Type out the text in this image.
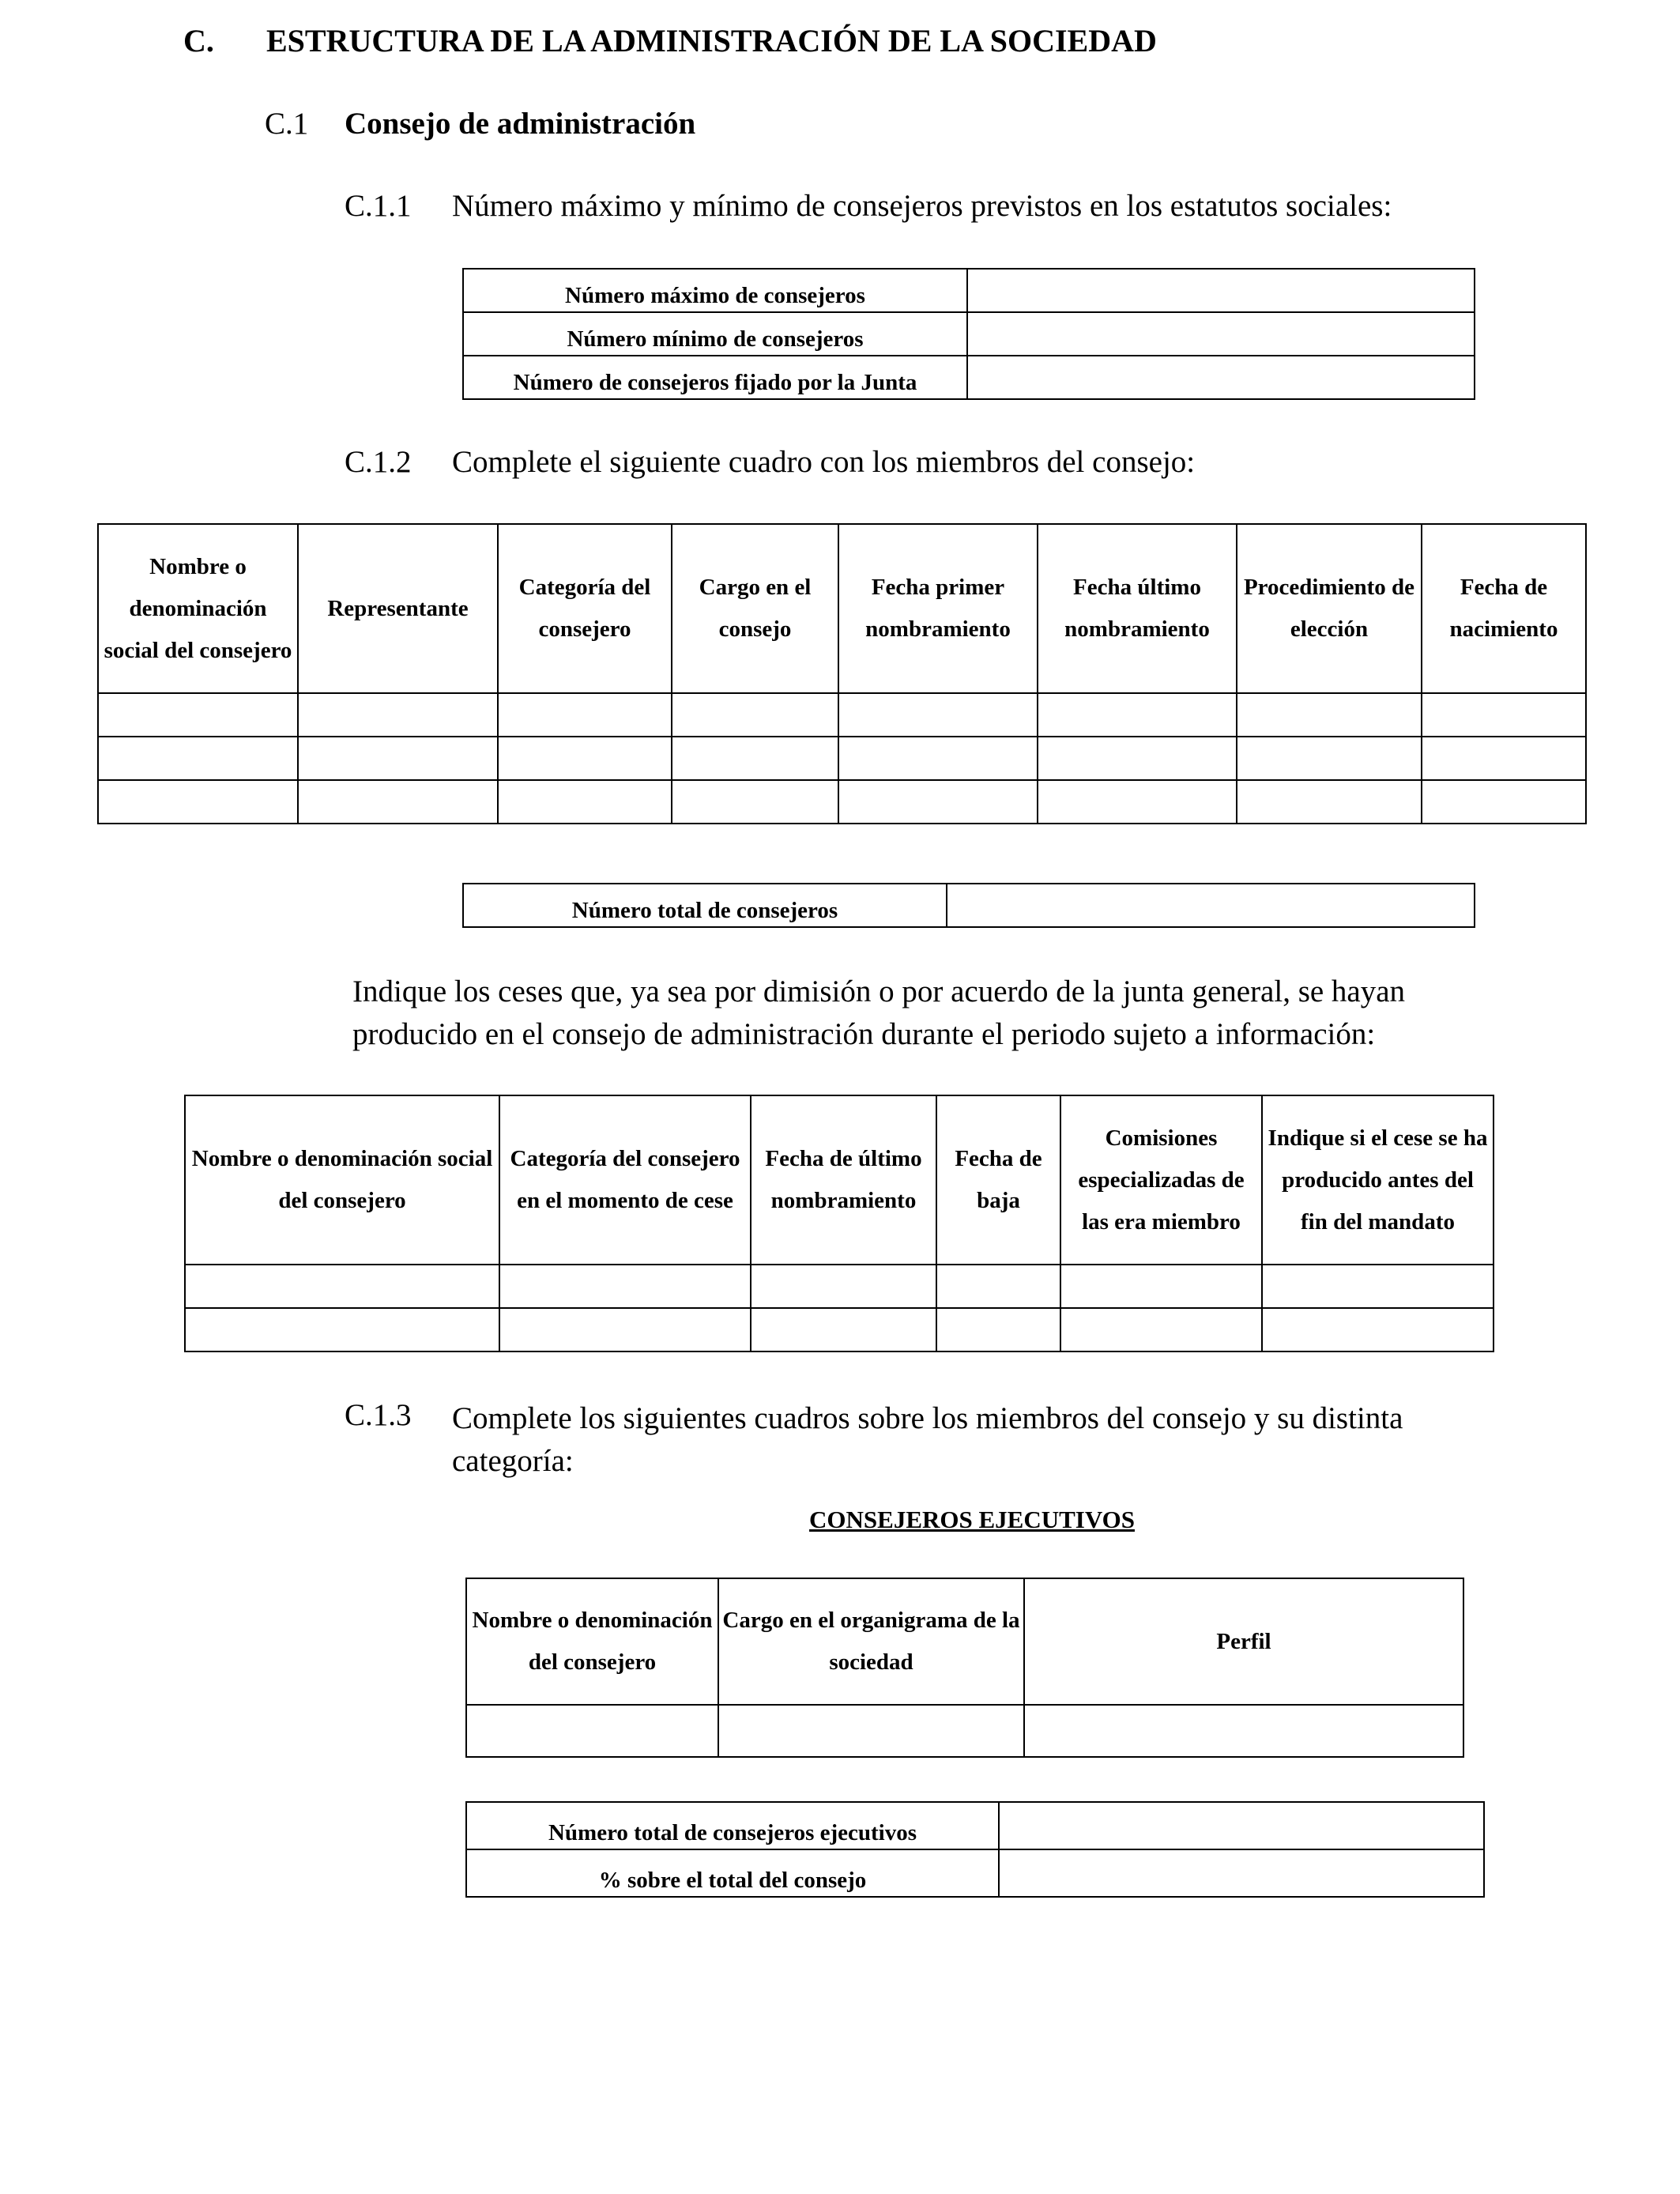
C. ESTRUCTURA DE LA ADMINISTRACIÓN DE LA SOCIEDAD
C.1 Consejo de administración
C.1.1 Número máximo y mínimo de consejeros previstos en los estatutos sociales:
Número máximo de consejeros	
Número mínimo de consejeros	
Número de consejeros fijado por la Junta	
C.1.2 Complete el siguiente cuadro con los miembros del consejo:
Nombre o denominación social del consejero	Representante	Categoría del consejero	Cargo en el consejo	Fecha primer nombramiento	Fecha último nombramiento	Procedimiento de elección	Fecha de nacimiento

Número total de consejeros	
Indique los ceses que, ya sea por dimisión o por acuerdo de la junta general, se hayan producido en el consejo de administración durante el periodo sujeto a información:
Nombre o denominación social del consejero	Categoría del consejero en el momento de cese	Fecha de último nombramiento	Fecha de baja	Comisiones especializadas de las era miembro	Indique si el cese se ha producido antes del fin del mandato

C.1.3 Complete los siguientes cuadros sobre los miembros del consejo y su distinta categoría:
CONSEJEROS EJECUTIVOS
Nombre o denominación del consejero	Cargo en el organigrama de la sociedad	Perfil

Número total de consejeros ejecutivos	
% sobre el total del consejo	
